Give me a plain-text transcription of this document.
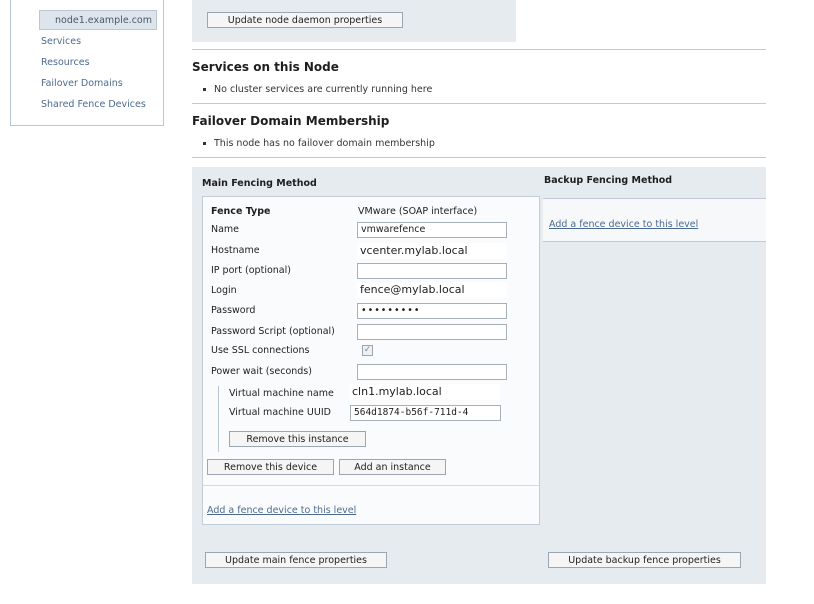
node1.example.com
Services
Resources
Failover Domains
Shared Fence Devices
Update node daemon properties
Services on this Node
No cluster services are currently running here
Failover Domain Membership
This node has no failover domain membership
Main Fencing Method	Backup Fencing Method
Add a fence device to this level
Fence Type	VMware (SOAP interface)
Name	vmwarefence
Hostname	vcenter.mylab.local
IP port (optional)
Login	fence@mylab.local
Password	•••••••••
Password Script (optional)
Use SSL connections	✓
Power wait (seconds)
Virtual machine name cln1.mylab.local
Virtual machine UUID	564d1874-b56f-711d-4
Remove this instance
Remove this device	Add an instance
Add a fence device to this level
Update main fence properties	Update backup fence properties
